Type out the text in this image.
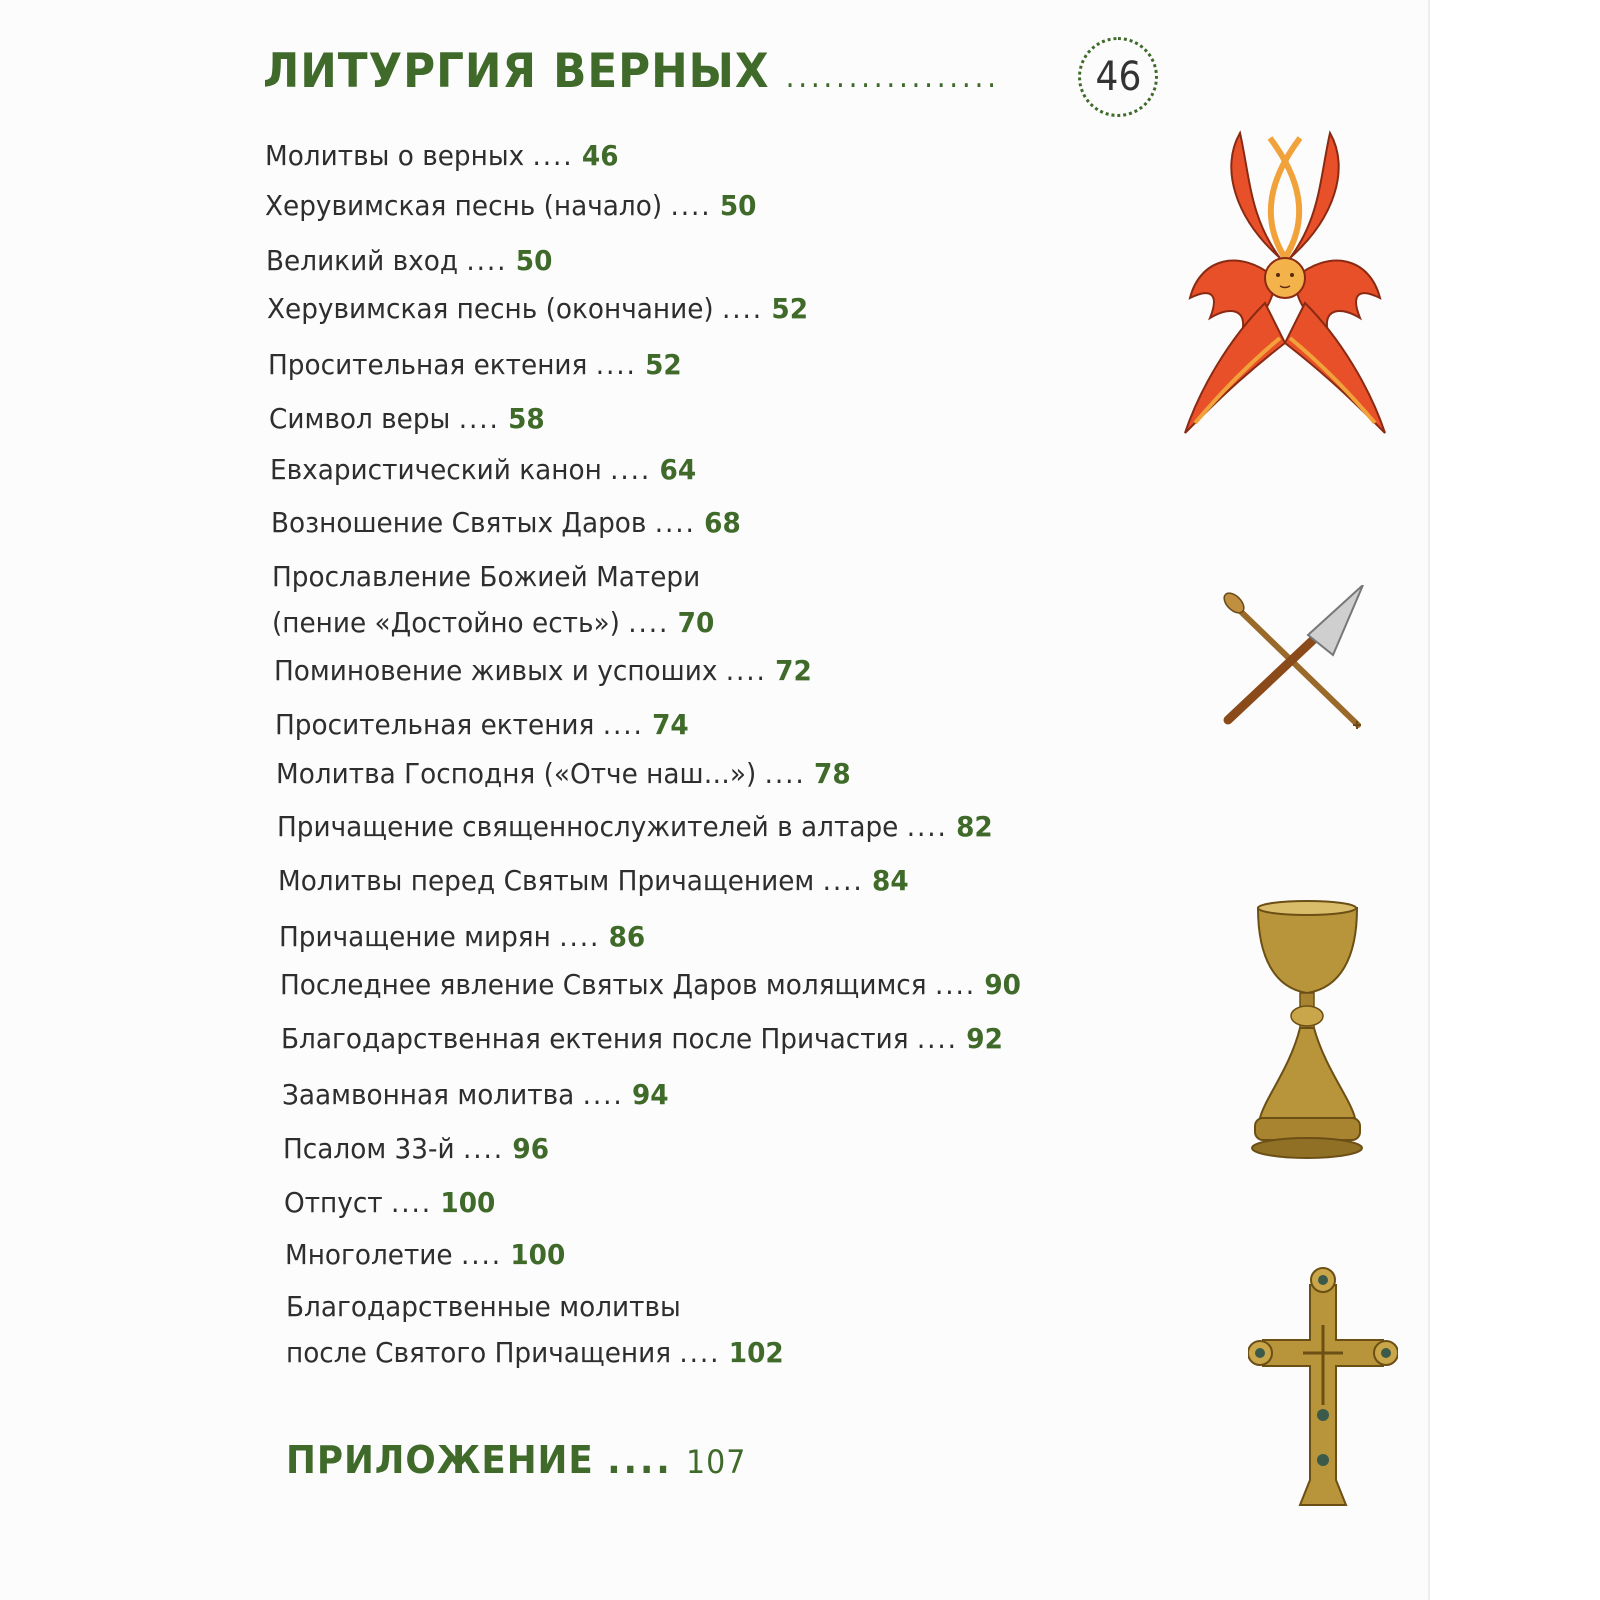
ЛИТУРГИЯ ВЕРНЫХ ................. 46
Молитвы о верных .... 46
Херувимская песнь (начало) .... 50
Великий вход .... 50
Херувимская песнь (окончание) .... 52
Просительная ектения .... 52
Символ веры .... 58
Евхаристический канон .... 64
Возношение Святых Даров .... 68
Прославление Божией Матери
(пение «Достойно есть») .... 70
Поминовение живых и успоших .... 72
Просительная ектения .... 74
Молитва Господня («Отче наш…») .... 78
Причащение священнослужителей в алтаре .... 82
Молитвы перед Святым Причащением .... 84
Причащение мирян .... 86
Последнее явление Святых Даров молящимся .... 90
Благодарственная ектения после Причастия .... 92
Заамвонная молитва .... 94
Псалом 33-й .... 96
Отпуст .... 100
Многолетие .... 100
Благодарственные молитвы
после Святого Причащения .... 102
ПРИЛОЖЕНИЕ .... 107
